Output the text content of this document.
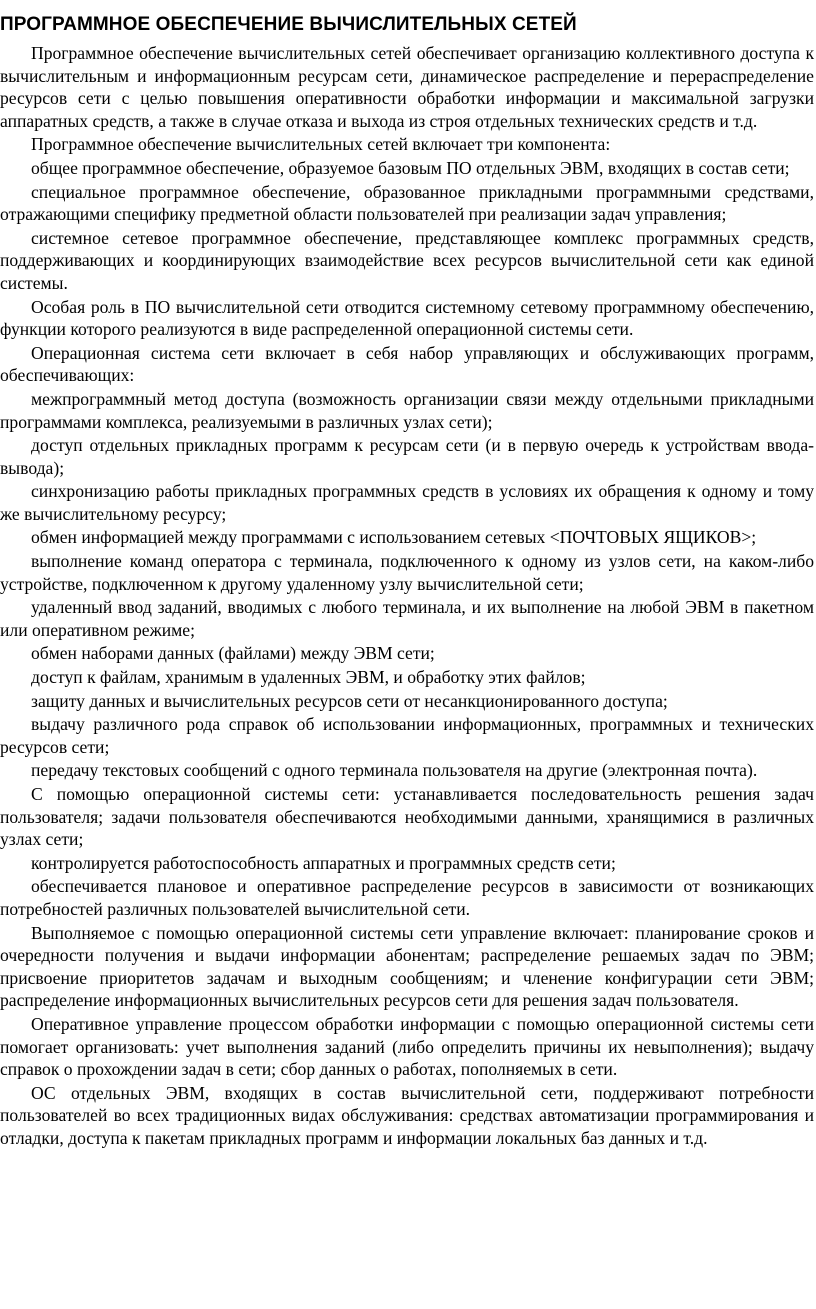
ПРОГРАММНОЕ ОБЕСПЕЧЕНИЕ ВЫЧИСЛИТЕЛЬНЫХ СЕТЕЙ

Программное обеспечение вычислительных сетей обеспечивает организацию коллективного доступа к вычислительным и информационным ресурсам сети, динамическое распределение и перераспределение ресурсов сети с целью повышения оперативности обработки информации и максимальной загрузки аппаратных средств, а также в случае отказа и выхода из строя отдельных технических средств и т.д.

Программное обеспечение вычислительных сетей включает три компонента:

общее программное обеспечение, образуемое базовым ПО отдельных ЭВМ, входящих в состав сети;

специальное программное обеспечение, образованное прикладными программными средствами, отражающими специфику предметной области пользователей при реализации задач управления;

системное сетевое программное обеспечение, представляющее комплекс программных средств, поддерживающих и координирующих взаимодействие всех ресурсов вычислительной сети как единой системы.

Особая роль в ПО вычислительной сети отводится системному сетевому программному обеспечению, функции которого реализуются в виде распределенной операционной системы сети.

Операционная система сети включает в себя набор управляющих и обслуживающих программ, обеспечивающих:

межпрограммный метод доступа (возможность организации связи между отдельными прикладными программами комплекса, реализуемыми в различных узлах сети);

доступ отдельных прикладных программ к ресурсам сети (и в первую очередь к устройствам ввода-вывода);

синхронизацию работы прикладных программных средств в условиях их обращения к одному и тому же вычислительному ресурсу;

обмен информацией между программами с использованием сетевых <ПОЧТОВЫХ ЯЩИКОВ>;

выполнение команд оператора с терминала, подключенного к одному из узлов сети, на каком-либо устройстве, подключенном к другому удаленному узлу вычислительной сети;

удаленный ввод заданий, вводимых с любого терминала, и их выполнение на любой ЭВМ в пакетном или оперативном режиме;

обмен наборами данных (файлами) между ЭВМ сети;

доступ к файлам, хранимым в удаленных ЭВМ, и обработку этих файлов;

защиту данных и вычислительных ресурсов сети от несанкционированного доступа;

выдачу различного рода справок об использовании информационных, программных и технических ресурсов сети;

передачу текстовых сообщений с одного терминала пользователя на другие (электронная почта).

С помощью операционной системы сети: устанавливается последовательность решения задач пользователя; задачи пользователя обеспечиваются необходимыми данными, хранящимися в различных узлах сети;

контролируется работоспособность аппаратных и программных средств сети;

обеспечивается плановое и оперативное распределение ресурсов в зависимости от возникающих потребностей различных пользователей вычислительной сети.

Выполняемое с помощью операционной системы сети управление включает: планирование сроков и очередности получения и выдачи информации абонентам; распределение решаемых задач по ЭВМ; присвоение приоритетов задачам и выходным сообщениям; и членение конфигурации сети ЭВМ; распределение информационных вычислительных ресурсов сети для решения задач пользователя.

Оперативное управление процессом обработки информации с помощью операционной системы сети помогает организовать: учет выполнения заданий (либо определить причины их невыполнения); выдачу справок о прохождении задач в сети; сбор данных о работах, пополняемых в сети.

ОС отдельных ЭВМ, входящих в состав вычислительной сети, поддерживают потребности пользователей во всех традиционных видах обслуживания: средствах автоматизации программирования и отладки, доступа к пакетам прикладных программ и информации локальных баз данных и т.д.
